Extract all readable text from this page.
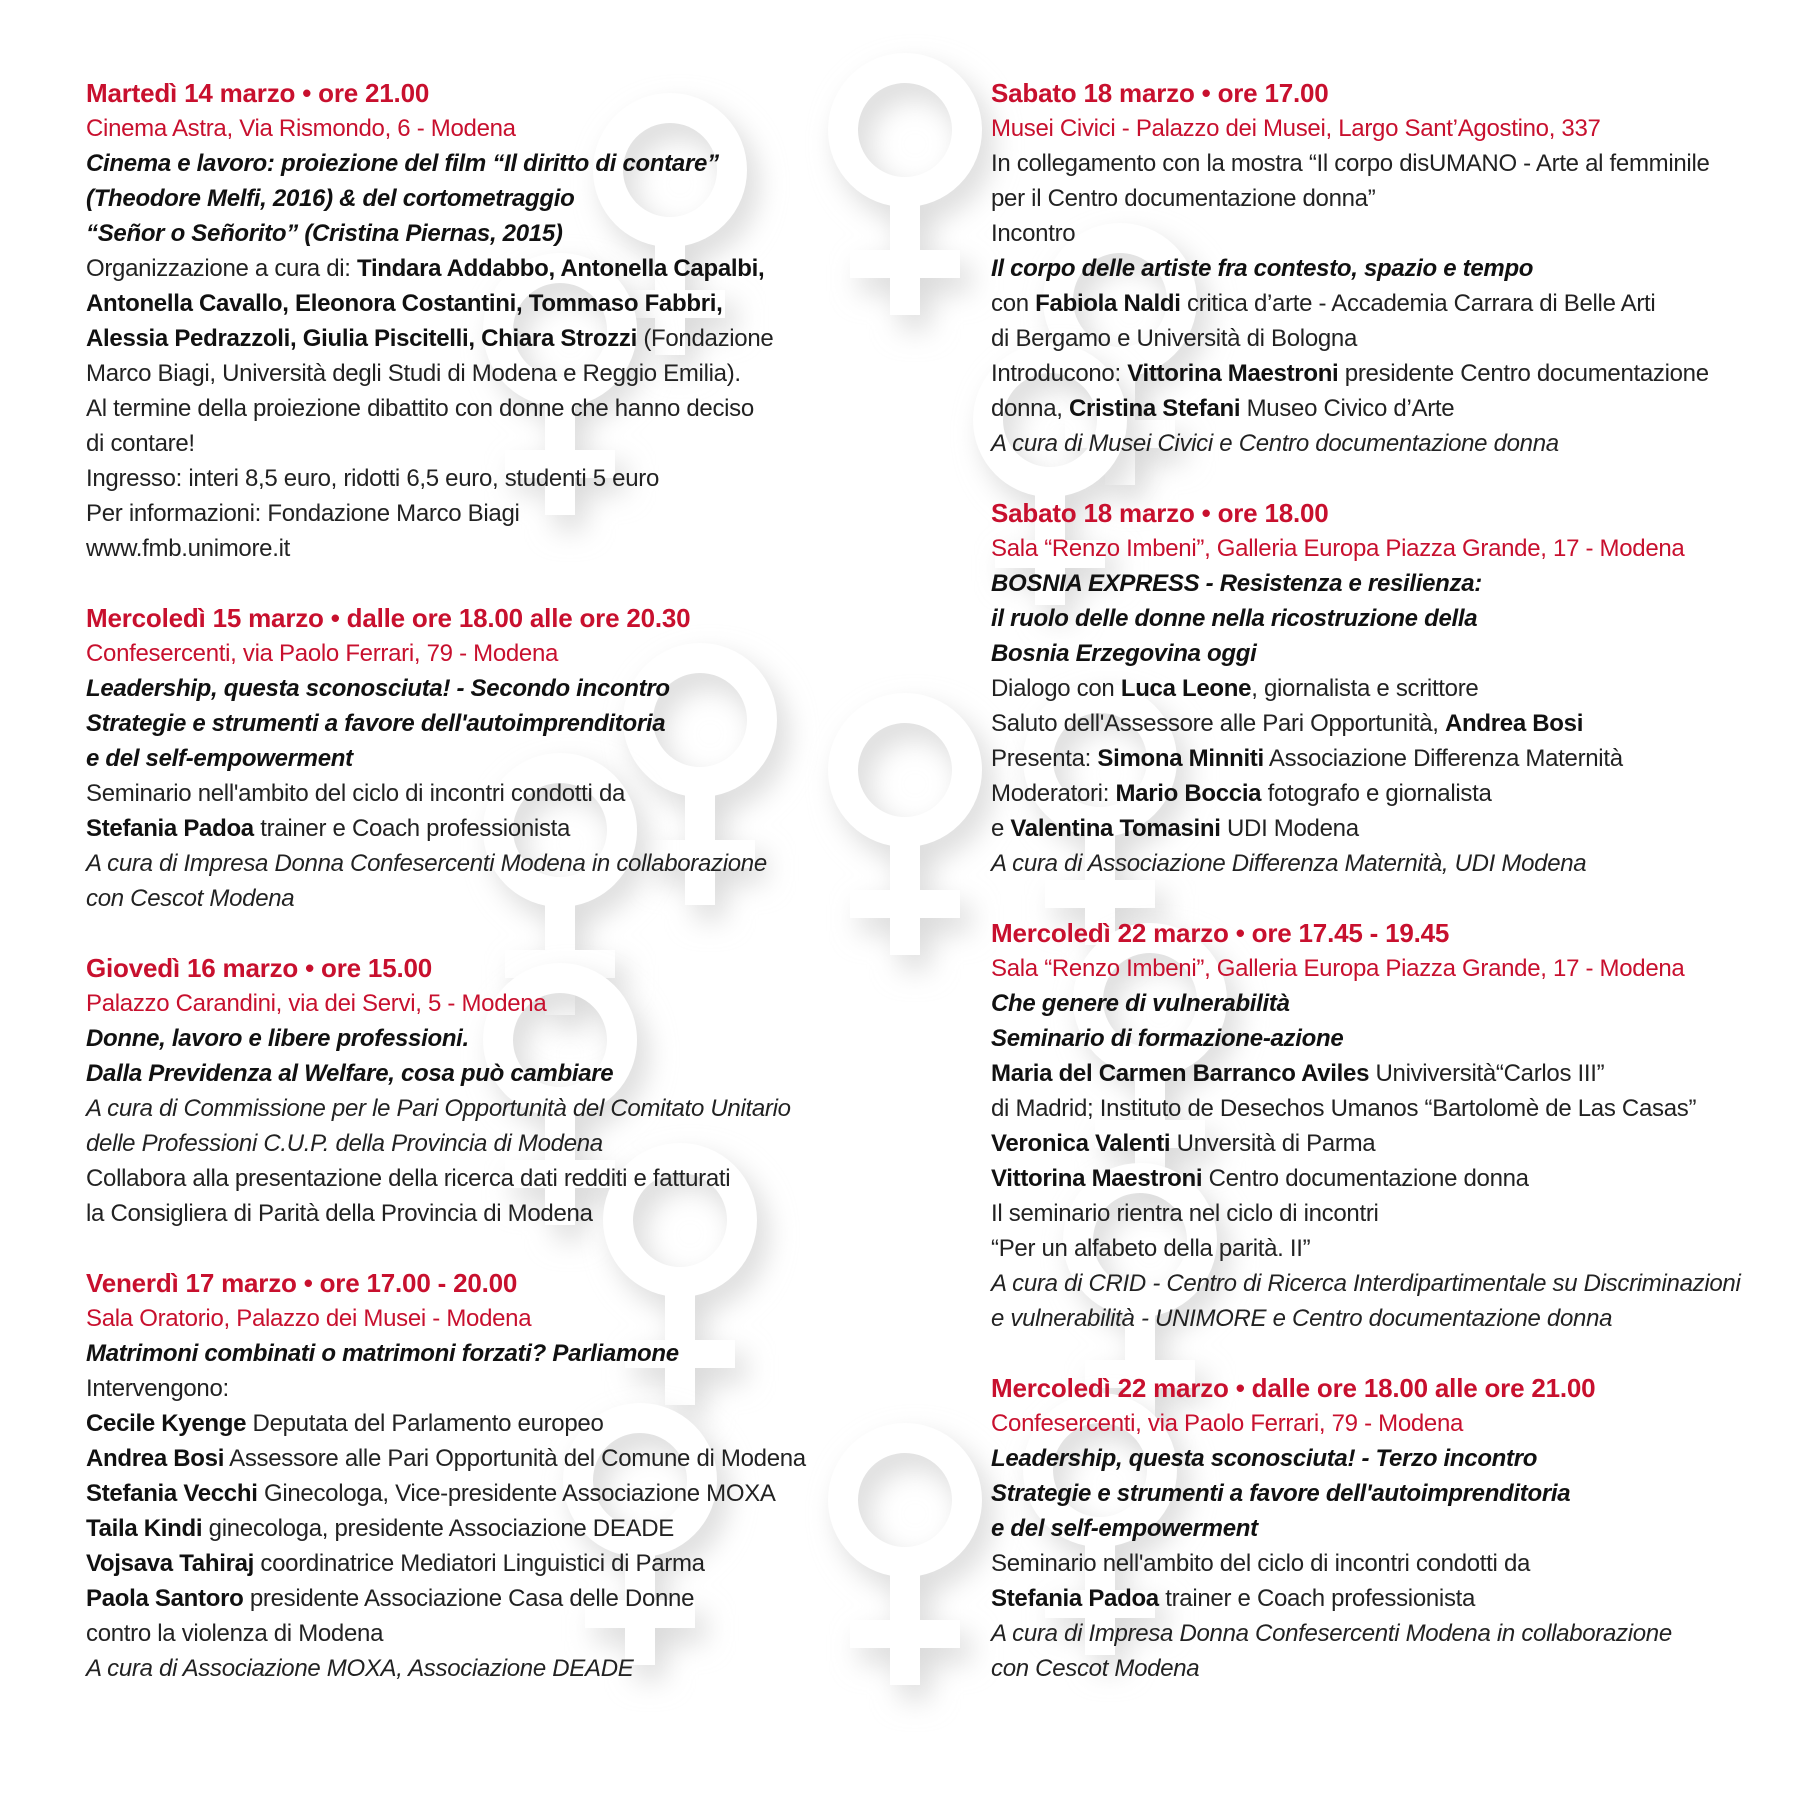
Martedì 14 marzo • ore 21.00
Cinema Astra, Via Rismondo, 6 - Modena
Cinema e lavoro: proiezione del film “Il diritto di contare”
(Theodore Melfi, 2016) & del cortometraggio
“Señor o Señorito” (Cristina Piernas, 2015)
Organizzazione a cura di: Tindara Addabbo, Antonella Capalbi,
Antonella Cavallo, Eleonora Costantini, Tommaso Fabbri,
Alessia Pedrazzoli, Giulia Piscitelli, Chiara Strozzi (Fondazione
Marco Biagi, Università degli Studi di Modena e Reggio Emilia).
Al termine della proiezione dibattito con donne che hanno deciso
di contare!
Ingresso: interi 8,5 euro, ridotti 6,5 euro, studenti 5 euro
Per informazioni: Fondazione Marco Biagi
www.fmb.unimore.it
Mercoledì 15 marzo • dalle ore 18.00 alle ore 20.30
Confesercenti, via Paolo Ferrari, 79 - Modena
Leadership, questa sconosciuta! - Secondo incontro
Strategie e strumenti a favore dell'autoimprenditoria
e del self-empowerment
Seminario nell'ambito del ciclo di incontri condotti da
Stefania Padoa trainer e Coach professionista
A cura di Impresa Donna Confesercenti Modena in collaborazione
con Cescot Modena
Giovedì 16 marzo • ore 15.00
Palazzo Carandini, via dei Servi, 5 - Modena
Donne, lavoro e libere professioni.
Dalla Previdenza al Welfare, cosa può cambiare
A cura di Commissione per le Pari Opportunità del Comitato Unitario
delle Professioni C.U.P. della Provincia di Modena
Collabora alla presentazione della ricerca dati redditi e fatturati
la Consigliera di Parità della Provincia di Modena
Venerdì 17 marzo • ore 17.00 - 20.00
Sala Oratorio, Palazzo dei Musei - Modena
Matrimoni combinati o matrimoni forzati? Parliamone
Intervengono:
Cecile Kyenge Deputata del Parlamento europeo
Andrea Bosi Assessore alle Pari Opportunità del Comune di Modena
Stefania Vecchi Ginecologa, Vice-presidente Associazione MOXA
Taila Kindi ginecologa, presidente Associazione DEADE
Vojsava Tahiraj coordinatrice Mediatori Linguistici di Parma
Paola Santoro presidente Associazione Casa delle Donne
contro la violenza di Modena
A cura di Associazione MOXA, Associazione DEADE
Sabato 18 marzo • ore 17.00
Musei Civici - Palazzo dei Musei, Largo Sant’Agostino, 337
In collegamento con la mostra “Il corpo disUMANO - Arte al femminile
per il Centro documentazione donna”
Incontro
Il corpo delle artiste fra contesto, spazio e tempo
con Fabiola Naldi critica d’arte - Accademia Carrara di Belle Arti
di Bergamo e Università di Bologna
Introducono: Vittorina Maestroni presidente Centro documentazione
donna, Cristina Stefani Museo Civico d’Arte
A cura di Musei Civici e Centro documentazione donna
Sabato 18 marzo • ore 18.00
Sala “Renzo Imbeni”, Galleria Europa Piazza Grande, 17 - Modena
BOSNIA EXPRESS - Resistenza e resilienza:
il ruolo delle donne nella ricostruzione della
Bosnia Erzegovina oggi
Dialogo con Luca Leone, giornalista e scrittore
Saluto dell'Assessore alle Pari Opportunità, Andrea Bosi
Presenta: Simona Minniti Associazione Differenza Maternità
Moderatori: Mario Boccia fotografo e giornalista
e Valentina Tomasini UDI Modena
A cura di Associazione Differenza Maternità, UDI Modena
Mercoledì 22 marzo • ore 17.45 - 19.45
Sala “Renzo Imbeni”, Galleria Europa Piazza Grande, 17 - Modena
Che genere di vulnerabilità
Seminario di formazione-azione
Maria del Carmen Barranco Aviles Univiversità“Carlos III”
di Madrid; Instituto de Desechos Umanos “Bartolomè de Las Casas”
Veronica Valenti Unversità di Parma
Vittorina Maestroni Centro documentazione donna
Il seminario rientra nel ciclo di incontri
“Per un alfabeto della parità. II”
A cura di CRID - Centro di Ricerca Interdipartimentale su Discriminazioni
e vulnerabilità - UNIMORE e Centro documentazione donna
Mercoledì 22 marzo • dalle ore 18.00 alle ore 21.00
Confesercenti, via Paolo Ferrari, 79 - Modena
Leadership, questa sconosciuta! - Terzo incontro
Strategie e strumenti a favore dell'autoimprenditoria
e del self-empowerment
Seminario nell'ambito del ciclo di incontri condotti da
Stefania Padoa trainer e Coach professionista
A cura di Impresa Donna Confesercenti Modena in collaborazione
con Cescot Modena
